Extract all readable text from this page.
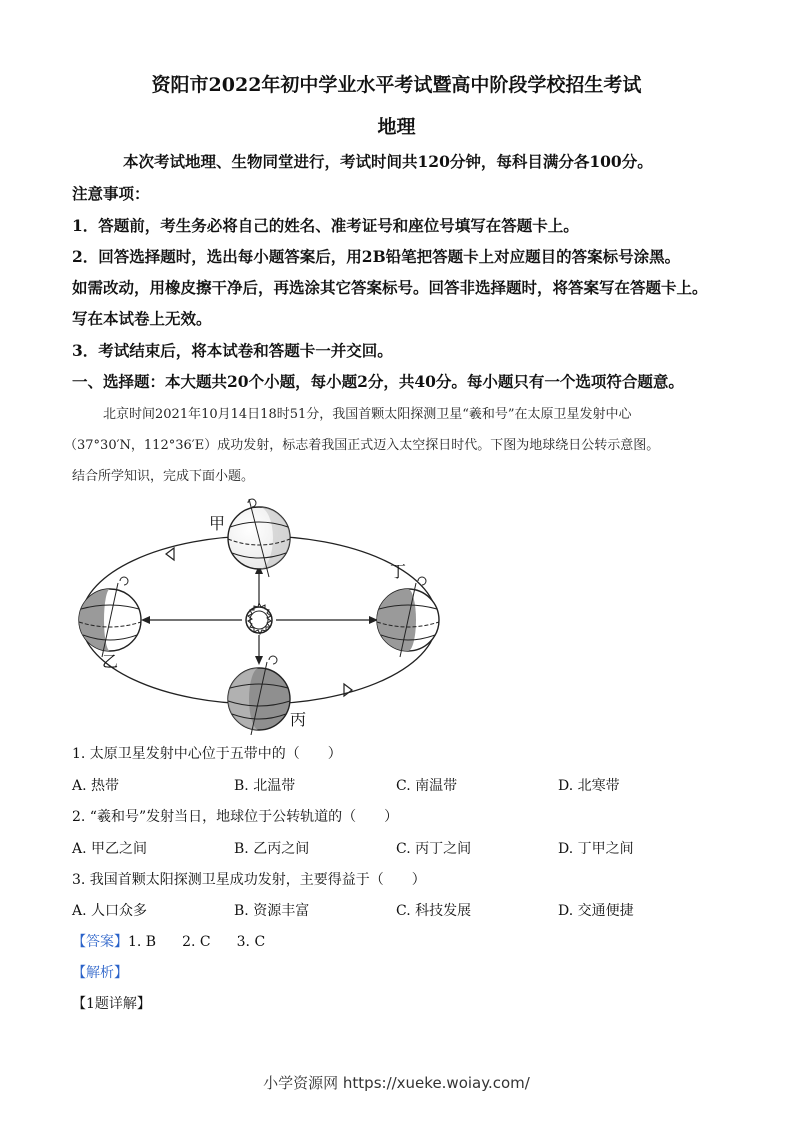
资阳市2022年初中学业水平考试暨高中阶段学校招生考试
地理
本次考试地理、生物同堂进行，考试时间共120分钟，每科目满分各100分。
注意事项：
1．答题前，考生务必将自己的姓名、准考证号和座位号填写在答题卡上。
2．回答选择题时，选出每小题答案后，用2B铅笔把答题卡上对应题目的答案标号涂黑。
如需改动，用橡皮擦干净后，再选涂其它答案标号。回答非选择题时，将答案写在答题卡上。
写在本试卷上无效。
3．考试结束后，将本试卷和答题卡一并交回。
一、选择题：本大题共20个小题，每小题2分，共40分。每小题只有一个选项符合题意。
北京时间2021年10月14日18时51分，我国首颗太阳探测卫星“羲和号”在太原卫星发射中心
（37°30′N，112°36′E）成功发射，标志着我国正式迈入太空探日时代。下图为地球绕日公转示意图。
结合所学知识，完成下面小题。
甲
乙
丙
丁
1. 太原卫星发射中心位于五带中的（　　）
A. 热带	B. 北温带	C. 南温带	D. 北寒带
2. “羲和号”发射当日，地球位于公转轨道的（　　）
A. 甲乙之间	B. 乙丙之间	C. 丙丁之间	D. 丁甲之间
3. 我国首颗太阳探测卫星成功发射，主要得益于（　　）
A. 人口众多	B. 资源丰富	C. 科技发展	D. 交通便捷
【答案】1. B 2. C 3. C
【解析】
【1题详解】
小学资源网 https://xueke.woiay.com/
